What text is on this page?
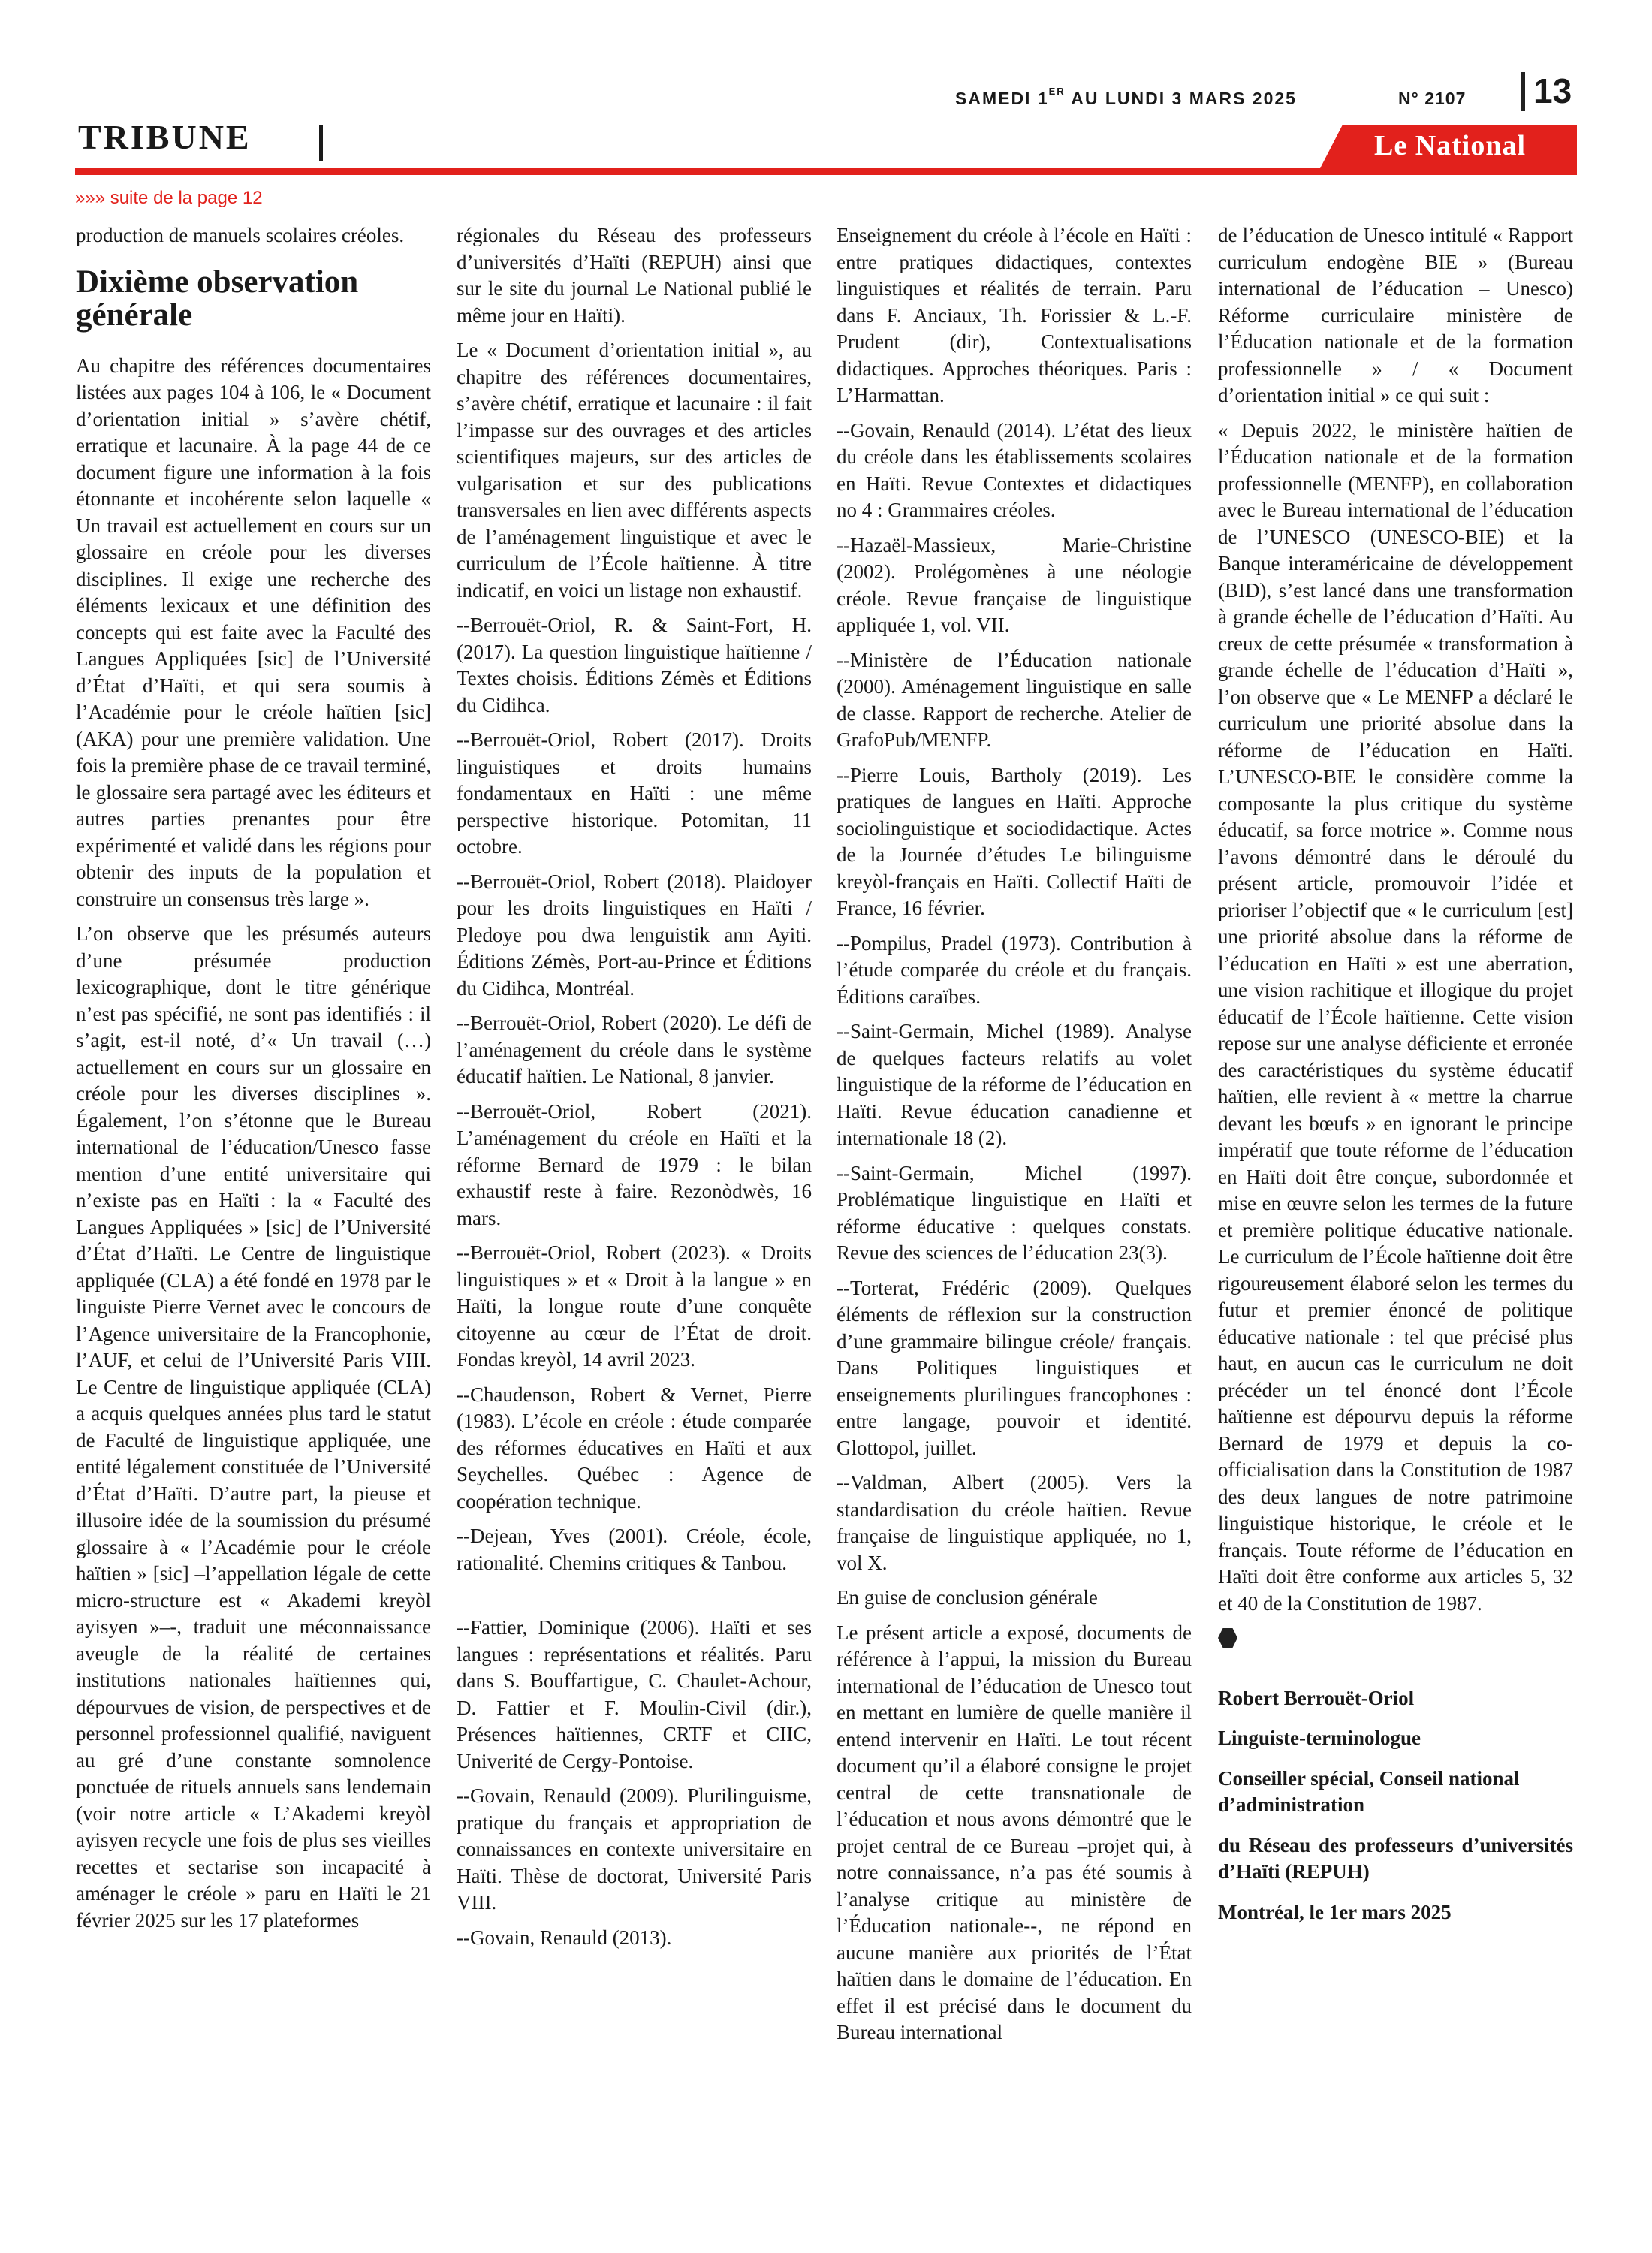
SAMEDI 1ER AU LUNDI 3 MARS 2025	N° 2107 13
TRIBUNE	Le National
»»» suite de la page 12

production de manuels scolaires créoles.

Dixième observation générale

Au chapitre des références documentaires listées aux pages 104 à 106, le « Document d’orientation initial » s’avère chétif, erratique et lacunaire. À la page 44 de ce document figure une information à la fois étonnante et incohérente selon laquelle « Un travail est actuellement en cours sur un glossaire en créole pour les diverses disciplines. Il exige une recherche des éléments lexicaux et une définition des concepts qui est faite avec la Faculté des Langues Appliquées [sic] de l’Université d’État d’Haïti, et qui sera soumis à l’Académie pour le créole haïtien [sic] (AKA) pour une première validation. Une fois la première phase de ce travail terminé, le glossaire sera partagé avec les éditeurs et autres parties prenantes pour être expérimenté et validé dans les régions pour obtenir des inputs de la population et construire un consensus très large ».

L’on observe que les présumés auteurs d’une présumée production lexicographique, dont le titre générique n’est pas spécifié, ne sont pas identifiés : il s’agit, est-il noté, d’« Un travail (…) actuellement en cours sur un glossaire en créole pour les diverses disciplines ». Également, l’on s’étonne que le Bureau international de l’éducation/Unesco fasse mention d’une entité universitaire qui n’existe pas en Haïti : la « Faculté des Langues Appliquées » [sic] de l’Université d’État d’Haïti. Le Centre de linguistique appliquée (CLA) a été fondé en 1978 par le linguiste Pierre Vernet avec le concours de l’Agence universitaire de la Francophonie, l’AUF, et celui de l’Université Paris VIII. Le Centre de linguistique appliquée (CLA) a acquis quelques années plus tard le statut de Faculté de linguistique appliquée, une entité légalement constituée de l’Université d’État d’Haïti. D’autre part, la pieuse et illusoire idée de la soumission du présumé glossaire à « l’Académie pour le créole haïtien » [sic] –l’appellation légale de cette micro-structure est « Akademi kreyòl ayisyen »–-, traduit une méconnaissance aveugle de la réalité de certaines institutions nationales haïtiennes qui, dépourvues de vision, de perspectives et de personnel professionnel qualifié, naviguent au gré d’une constante somnolence ponctuée de rituels annuels sans lendemain (voir notre article « L’Akademi kreyòl ayisyen recycle une fois de plus ses vieilles recettes et sectarise son incapacité à aménager le créole » paru en Haïti le 21 février 2025 sur les 17 plateformes

régionales du Réseau des professeurs d’universités d’Haïti (REPUH) ainsi que sur le site du journal Le National publié le même jour en Haïti).

Le « Document d’orientation initial », au chapitre des références documentaires, s’avère chétif, erratique et lacunaire : il fait l’impasse sur des ouvrages et des articles scientifiques majeurs, sur des articles de vulgarisation et sur des publications transversales en lien avec différents aspects de l’aménagement linguistique et avec le curriculum de l’École haïtienne. À titre indicatif, en voici un listage non exhaustif.

--Berrouët-Oriol, R. & Saint-Fort, H. (2017). La question linguistique haïtienne / Textes choisis. Éditions Zémès et Éditions du Cidihca.

--Berrouët-Oriol, Robert (2017). Droits linguistiques et droits humains fondamentaux en Haïti : une même perspective historique. Potomitan, 11 octobre.

--Berrouët-Oriol, Robert (2018). Plaidoyer pour les droits linguistiques en Haïti / Pledoye pou dwa lenguistik ann Ayiti. Éditions Zémès, Port-au-Prince et Éditions du Cidihca, Montréal.

--Berrouët-Oriol, Robert (2020). Le défi de l’aménagement du créole dans le système éducatif haïtien. Le National, 8 janvier.

--Berrouët-Oriol, Robert (2021). L’aménagement du créole en Haïti et la réforme Bernard de 1979 : le bilan exhaustif reste à faire. Rezonòdwès, 16 mars.

--Berrouët-Oriol, Robert (2023). « Droits linguistiques » et « Droit à la langue » en Haïti, la longue route d’une conquête citoyenne au cœur de l’État de droit. Fondas kreyòl, 14 avril 2023.

--Chaudenson, Robert & Vernet, Pierre (1983). L’école en créole : étude comparée des réformes éducatives en Haïti et aux Seychelles. Québec : Agence de coopération technique.

--Dejean, Yves (2001). Créole, école, rationalité. Chemins critiques & Tanbou.

--Fattier, Dominique (2006). Haïti et ses langues : représentations et réalités. Paru dans S. Bouffartigue, C. Chaulet-Achour, D. Fattier et F. Moulin-Civil (dir.), Présences haïtiennes, CRTF et CIIC, Univerité de Cergy-Pontoise.

--Govain, Renauld (2009). Plurilinguisme, pratique du français et appropriation de connaissances en contexte universitaire en Haïti. Thèse de doctorat, Université Paris VIII.

--Govain, Renauld (2013).

Enseignement du créole à l’école en Haïti : entre pratiques didactiques, contextes linguistiques et réalités de terrain. Paru dans F. Anciaux, Th. Forissier & L.-F. Prudent (dir), Contextualisations didactiques. Approches théoriques. Paris : L’Harmattan.

--Govain, Renauld (2014). L’état des lieux du créole dans les établissements scolaires en Haïti. Revue Contextes et didactiques no 4 : Grammaires créoles.

--Hazaël-Massieux, Marie-Christine (2002). Prolégomènes à une néologie créole. Revue française de linguistique appliquée 1, vol. VII.

--Ministère de l’Éducation nationale (2000). Aménagement linguistique en salle de classe. Rapport de recherche. Atelier de GrafoPub/MENFP.

--Pierre Louis, Bartholy (2019). Les pratiques de langues en Haïti. Approche sociolinguistique et sociodidactique. Actes de la Journée d’études Le bilinguisme kreyòl-français en Haïti. Collectif Haïti de France, 16 février.

--Pompilus, Pradel (1973). Contribution à l’étude comparée du créole et du français. Éditions caraïbes.

--Saint-Germain, Michel (1989). Analyse de quelques facteurs relatifs au volet linguistique de la réforme de l’éducation en Haïti. Revue éducation canadienne et internationale 18 (2).

--Saint-Germain, Michel (1997). Problématique linguistique en Haïti et réforme éducative : quelques constats. Revue des sciences de l’éducation 23(3).

--Torterat, Frédéric (2009). Quelques éléments de réflexion sur la construction d’une grammaire bilingue créole/ français. Dans Politiques linguistiques et enseignements plurilingues francophones : entre langage, pouvoir et identité. Glottopol, juillet.

--Valdman, Albert (2005). Vers la standardisation du créole haïtien. Revue française de linguistique appliquée, no 1, vol X.

En guise de conclusion générale

Le présent article a exposé, documents de référence à l’appui, la mission du Bureau international de l’éducation de Unesco tout en mettant en lumière de quelle manière il entend intervenir en Haïti. Le tout récent document qu’il a élaboré consigne le projet central de cette transnationale de l’éducation et nous avons démontré que le projet central de ce Bureau –projet qui, à notre connaissance, n’a pas été soumis à l’analyse critique au ministère de l’Éducation nationale--, ne répond en aucune manière aux priorités de l’État haïtien dans le domaine de l’éducation. En effet il est précisé dans le document du Bureau international

de l’éducation de Unesco intitulé « Rapport curriculum endogène BIE » (Bureau international de l’éducation – Unesco) Réforme curriculaire ministère de l’Éducation nationale et de la formation professionnelle » / « Document d’orientation initial » ce qui suit :

« Depuis 2022, le ministère haïtien de l’Éducation nationale et de la formation professionnelle (MENFP), en collaboration avec le Bureau international de l’éducation de l’UNESCO (UNESCO-BIE) et la Banque interaméricaine de développement (BID), s’est lancé dans une transformation à grande échelle de l’éducation d’Haïti. Au creux de cette présumée « transformation à grande échelle de l’éducation d’Haïti », l’on observe que « Le MENFP a déclaré le curriculum une priorité absolue dans la réforme de l’éducation en Haïti. L’UNESCO-BIE le considère comme la composante la plus critique du système éducatif, sa force motrice ». Comme nous l’avons démontré dans le déroulé du présent article, promouvoir l’idée et prioriser l’objectif que « le curriculum [est] une priorité absolue dans la réforme de l’éducation en Haïti » est une aberration, une vision rachitique et illogique du projet éducatif de l’École haïtienne. Cette vision repose sur une analyse déficiente et erronée des caractéristiques du système éducatif haïtien, elle revient à « mettre la charrue devant les bœufs » en ignorant le principe impératif que toute réforme de l’éducation en Haïti doit être conçue, subordonnée et mise en œuvre selon les termes de la future et première politique éducative nationale. Le curriculum de l’École haïtienne doit être rigoureusement élaboré selon les termes du futur et premier énoncé de politique éducative nationale : tel que précisé plus haut, en aucun cas le curriculum ne doit précéder un tel énoncé dont l’École haïtienne est dépourvu depuis la réforme Bernard de 1979 et depuis la co-officialisation dans la Constitution de 1987 des deux langues de notre patrimoine linguistique historique, le créole et le français. Toute réforme de l’éducation en Haïti doit être conforme aux articles 5, 32 et 40 de la Constitution de 1987.

Robert Berrouët-Oriol

Linguiste-terminologue

Conseiller spécial, Conseil national d’administration

du Réseau des professeurs d’universités d’Haïti (REPUH)

Montréal, le 1er mars 2025
